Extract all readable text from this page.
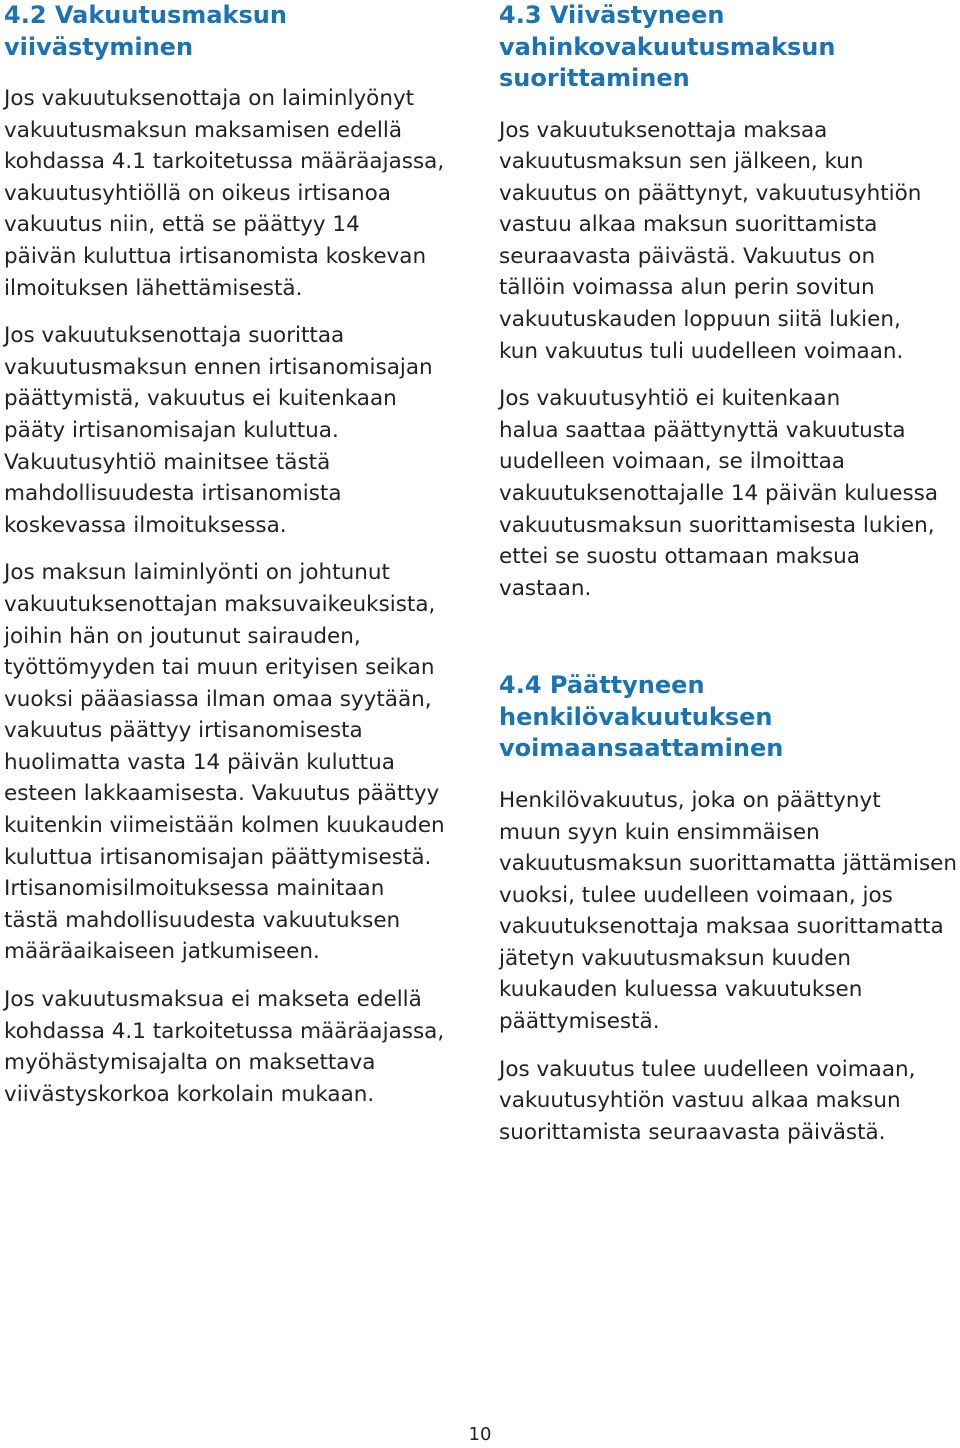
4.2 Vakuutusmaksun
viivästyminen

Jos vakuutuksenottaja on laiminlyönyt
vakuutusmaksun maksamisen edellä
kohdassa 4.1 tarkoitetussa määräajassa,
vakuutusyhtiöllä on oikeus irtisanoa
vakuutus niin, että se päättyy 14
päivän kuluttua irtisanomista koskevan
ilmoituksen lähettämisestä.

Jos vakuutuksenottaja suorittaa
vakuutusmaksun ennen irtisanomisajan
päättymistä, vakuutus ei kuitenkaan
pääty irtisanomisajan kuluttua.
Vakuutusyhtiö mainitsee tästä
mahdollisuudesta irtisanomista
koskevassa ilmoituksessa.

Jos maksun laiminlyönti on johtunut
vakuutuksenottajan maksuvaikeuksista,
joihin hän on joutunut sairauden,
työttömyyden tai muun erityisen seikan
vuoksi pääasiassa ilman omaa syytään,
vakuutus päättyy irtisanomisesta
huolimatta vasta 14 päivän kuluttua
esteen lakkaamisesta. Vakuutus päättyy
kuitenkin viimeistään kolmen kuukauden
kuluttua irtisanomisajan päättymisestä.
Irtisanomisilmoituksessa mainitaan
tästä mahdollisuudesta vakuutuksen
määräaikaiseen jatkumiseen.

Jos vakuutusmaksua ei makseta edellä
kohdassa 4.1 tarkoitetussa määräajassa,
myöhästymisajalta on maksettava
viivästyskorkoa korkolain mukaan.

4.3 Viivästyneen
vahinkovakuutusmaksun
suorittaminen

Jos vakuutuksenottaja maksaa
vakuutusmaksun sen jälkeen, kun
vakuutus on päättynyt, vakuutusyhtiön
vastuu alkaa maksun suorittamista
seuraavasta päivästä. Vakuutus on
tällöin voimassa alun perin sovitun
vakuutuskauden loppuun siitä lukien,
kun vakuutus tuli uudelleen voimaan.

Jos vakuutusyhtiö ei kuitenkaan
halua saattaa päättynyttä vakuutusta
uudelleen voimaan, se ilmoittaa
vakuutuksenottajalle 14 päivän kuluessa
vakuutusmaksun suorittamisesta lukien,
ettei se suostu ottamaan maksua
vastaan.

4.4 Päättyneen
henkilövakuutuksen
voimaansaattaminen

Henkilövakuutus, joka on päättynyt
muun syyn kuin ensimmäisen
vakuutusmaksun suorittamatta jättämisen
vuoksi, tulee uudelleen voimaan, jos
vakuutuksenottaja maksaa suorittamatta
jätetyn vakuutusmaksun kuuden
kuukauden kuluessa vakuutuksen
päättymisestä.

Jos vakuutus tulee uudelleen voimaan,
vakuutusyhtiön vastuu alkaa maksun
suorittamista seuraavasta päivästä.

10
